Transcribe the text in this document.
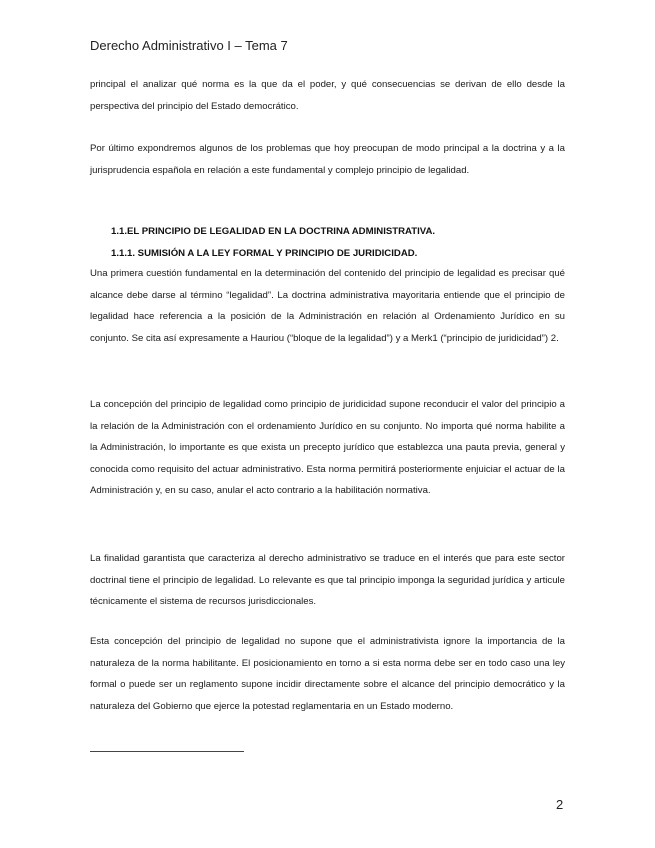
Derecho Administrativo I – Tema 7

principal el analizar qué norma es la que da el poder, y qué consecuencias se derivan de ello desde la perspectiva del principio del Estado democrático.

Por último expondremos algunos de los problemas que hoy preocupan de modo principal a la doctrina y a la jurisprudencia española en relación a este fundamental y complejo principio de legalidad.

1.1.EL PRINCIPIO DE LEGALIDAD EN LA DOCTRINA ADMINISTRATIVA.
1.1.1. SUMISIÓN A LA LEY FORMAL Y PRINCIPIO DE JURIDICIDAD.

Una primera cuestión fundamental en la determinación del contenido del principio de legalidad es precisar qué alcance debe darse al término “legalidad”. La doctrina administrativa mayoritaria entiende que el principio de legalidad hace referencia a la posición de la Administración en relación al Ordenamiento Jurídico en su conjunto. Se cita así expresamente a Hauriou (“bloque de la legalidad”) y a Merk1 (“principio de juridicidad”) 2.

La concepción del principio de legalidad como principio de juridicidad supone reconducir el valor del principio a la relación de la Administración con el ordenamiento Jurídico en su conjunto. No importa qué norma habilite a la Administración, lo importante es que exista un precepto jurídico que establezca una pauta previa, general y conocida como requisito del actuar administrativo. Esta norma permitirá posteriormente enjuiciar el actuar de la Administración y, en su caso, anular el acto contrario a la habilitación normativa.

La finalidad garantista que caracteriza al derecho administrativo se traduce en el interés que para este sector doctrinal tiene el principio de legalidad. Lo relevante es que tal principio imponga la seguridad jurídica y articule técnicamente el sistema de recursos jurisdiccionales.

Esta concepción del principio de legalidad no supone que el administrativista ignore la importancia de la naturaleza de la norma habilitante. El posicionamiento en torno a si esta norma debe ser en todo caso una ley formal o puede ser un reglamento supone incidir directamente sobre el alcance del principio democrático y la naturaleza del Gobierno que ejerce la potestad reglamentaria en un Estado moderno.

2
